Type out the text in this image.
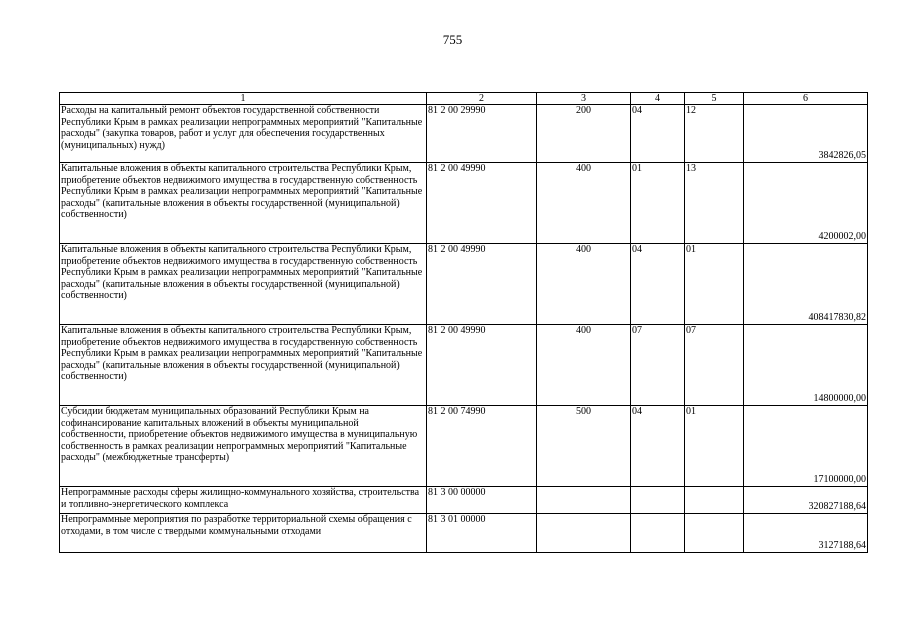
755
1	2	3	4	5	6
Расходы на капитальный ремонт объектов государственной собственности Республики Крым в рамках реализации непрограммных мероприятий "Капитальные расходы" (закупка товаров, работ и услуг для обеспечения государственных (муниципальных) нужд)	81 2 00 29990	200	04	12	3842826,05
Капитальные вложения в объекты капитального строительства Республики Крым, приобретение объектов недвижимого имущества в государственную собственность Республики Крым в рамках реализации непрограммных мероприятий "Капитальные расходы" (капитальные вложения в объекты государственной (муниципальной) собственности)	81 2 00 49990	400	01	13	4200002,00
Капитальные вложения в объекты капитального строительства Республики Крым, приобретение объектов недвижимого имущества в государственную собственность Республики Крым в рамках реализации непрограммных мероприятий "Капитальные расходы" (капитальные вложения в объекты государственной (муниципальной) собственности)	81 2 00 49990	400	04	01	408417830,82
Капитальные вложения в объекты капитального строительства Республики Крым, приобретение объектов недвижимого имущества в государственную собственность Республики Крым в рамках реализации непрограммных мероприятий "Капитальные расходы" (капитальные вложения в объекты государственной (муниципальной) собственности)	81 2 00 49990	400	07	07	14800000,00
Субсидии бюджетам муниципальных образований Республики Крым на софинансирование капитальных вложений в объекты муниципальной собственности, приобретение объектов недвижимого имущества в муниципальную собственность в рамках реализации непрограммных мероприятий "Капитальные расходы" (межбюджетные трансферты)	81 2 00 74990	500	04	01	17100000,00
Непрограммные расходы сферы жилищно-коммунального хозяйства, строительства и топливно-энергетического комплекса	81 3 00 00000				320827188,64
Непрограммные мероприятия по разработке территориальной схемы обращения с отходами, в том числе с твердыми коммунальными отходами	81 3 01 00000				3127188,64
